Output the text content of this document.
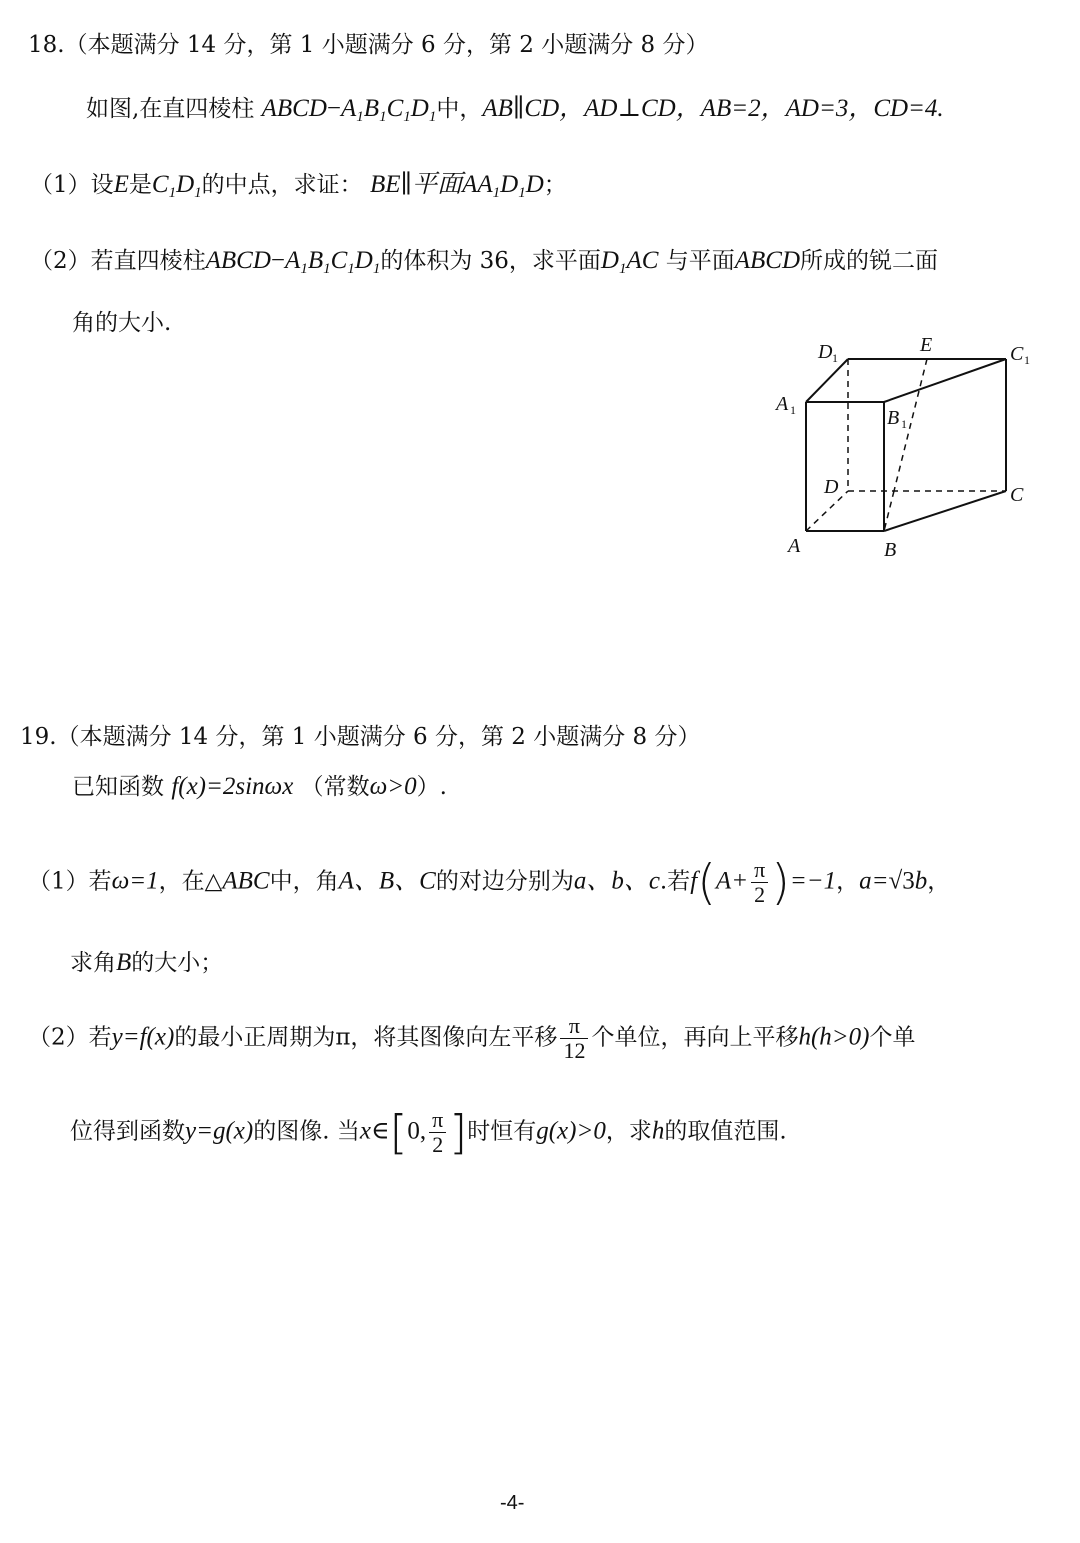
18.（本题满分 14 分，第 1 小题满分 6 分，第 2 小题满分 8 分）
如图,在直四棱柱 $ABCD-A_1B_1C_1D_1$中，AB∥CD，AD⊥CD，AB=2，AD=3，CD=4.
（1）设E是$C_1D_1$的中点，求证： BE∥平面$AA_1D_1D$；
（2）若直四棱柱$ABCD-A_1B_1C_1D_1$的体积为 36，求平面$D_1AC$ 与平面ABCD所成的锐二面
角的大小.
D 1
E	C 1
A 1	B 1
D	C
A	B
19.（本题满分 14 分，第 1 小题满分 6 分，第 2 小题满分 8 分）
已知函数 f(x)=2sinωx （常数ω>0）.
（1）若ω=1，在△ABC中，角A、B、C的对边分别为a、b、c.若$f(A+ \frac{\pi}{2} )=-1$，a=√3b，
求角B的大小；
（2）若y=f(x)的最小正周期为π，将其图像向左平移 $\frac{\pi}{12}$ 个单位，再向上平移h(h>0)个单
位得到函数y=g(x)的图像. 当x∈[0, $\frac{\pi}{2}$ ]时恒有g(x)>0，求h的取值范围.
-4-
